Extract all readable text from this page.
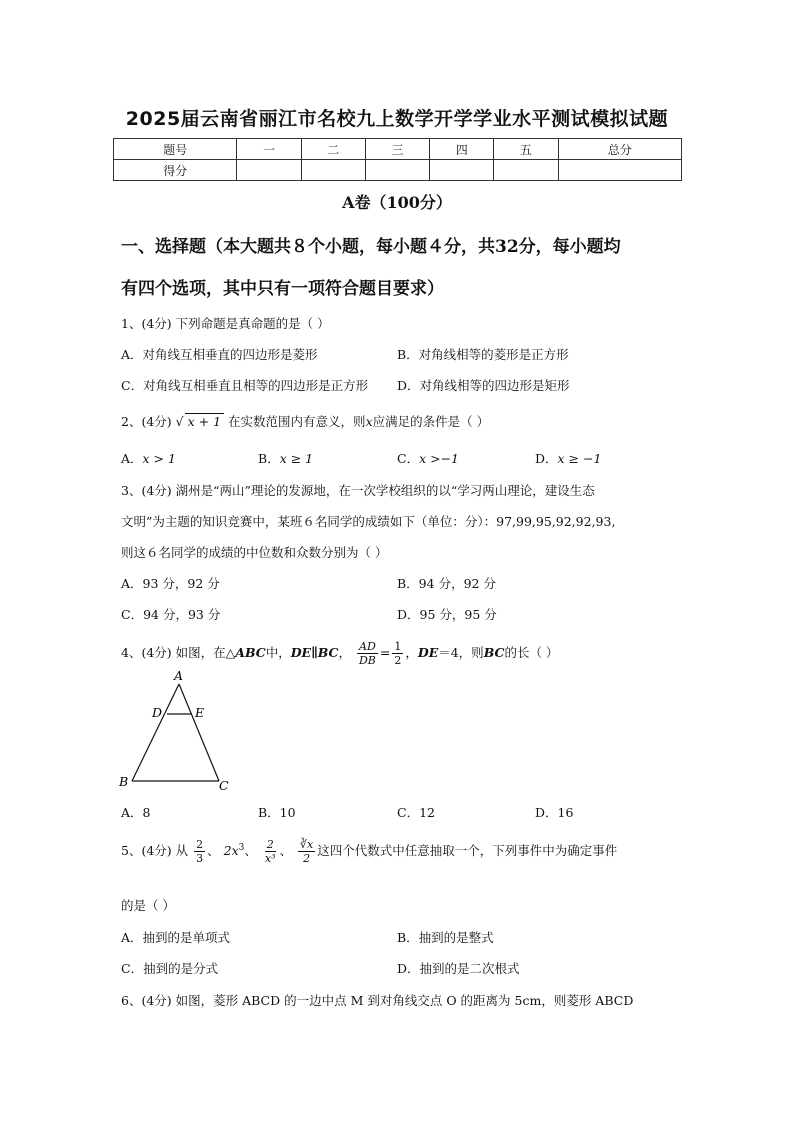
2025届云南省丽江市名校九上数学开学学业水平测试模拟试题
题号	一	二	三	四	五	总分
得分						
A卷（100分）
一、选择题（本大题共８个小题，每小题４分，共32分，每小题均
有四个选项，其中只有一项符合题目要求）
1、(4分) 下列命题是真命题的是（ ）
A．对角线互相垂直的四边形是菱形	B．对角线相等的菱形是正方形
C．对角线互相垂直且相等的四边形是正方形 D．对角线相等的四边形是矩形
2、(4分) √ x + 1 在实数范围内有意义，则x应满足的条件是（ ）
A．x > 1	B．x ≥ 1	C．x >−1	D．x ≥ −1
3、(4分) 湖州是“两山”理论的发源地，在一次学校组织的以“学习两山理论，建设生态
文明”为主题的知识竞赛中，某班６名同学的成绩如下（单位：分）：97,99,95,92,92,93,
则这６名同学的成绩的中位数和众数分别为（ ）
A．93 分，92 分	B．94 分，92 分
C．94 分，93 分	D．95 分，95 分
4、(4分) 如图，在△ABC中，DE∥BC， $\frac{AD}{DB} = \frac{1}{2}$ ，DE＝4，则BC的长（ ）
A
D	E
B	C
A．8	B．10	C．12	D．16
5、(4分) 从 $\frac{2}{3}$ 、 $2x^3$、 $\frac{2}{\text{x³}}$ 、 $\frac{∛x}{2}$ 这四个代数式中任意抽取一个，下列事件中为确定事件
的是（ ）
A．抽到的是单项式	B．抽到的是整式
C．抽到的是分式	D．抽到的是二次根式
6、(4分) 如图，菱形 ABCD 的一边中点 M 到对角线交点 O 的距离为 5cm，则菱形 ABCD
